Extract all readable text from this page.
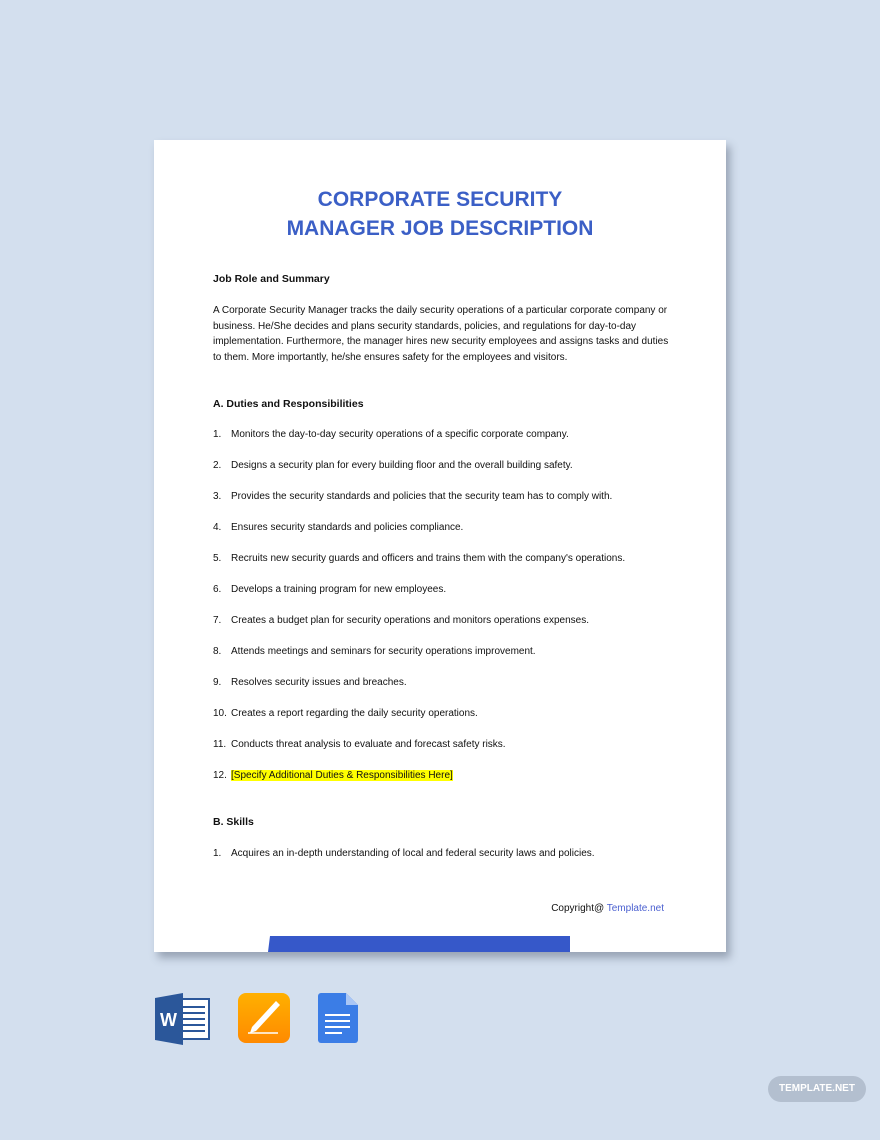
CORPORATE SECURITY
MANAGER JOB DESCRIPTION
Job Role and Summary
A Corporate Security Manager tracks the daily security operations of a particular corporate company or business. He/She decides and plans security standards, policies, and regulations for day-to-day implementation. Furthermore, the manager hires new security employees and assigns tasks and duties to them. More importantly, he/she ensures safety for the employees and visitors.
A. Duties and Responsibilities
1. Monitors the day-to-day security operations of a specific corporate company.
2. Designs a security plan for every building floor and the overall building safety.
3. Provides the security standards and policies that the security team has to comply with.
4. Ensures security standards and policies compliance.
5. Recruits new security guards and officers and trains them with the company's operations.
6. Develops a training program for new employees.
7. Creates a budget plan for security operations and monitors operations expenses.
8. Attends meetings and seminars for security operations improvement.
9. Resolves security issues and breaches.
10. Creates a report regarding the daily security operations.
11. Conducts threat analysis to evaluate and forecast safety risks.
12. [Specify Additional Duties & Responsibilities Here]
B. Skills
1. Acquires an in-depth understanding of local and federal security laws and policies.
Copyright@ Template.net
W
TEMPLATE.NET
